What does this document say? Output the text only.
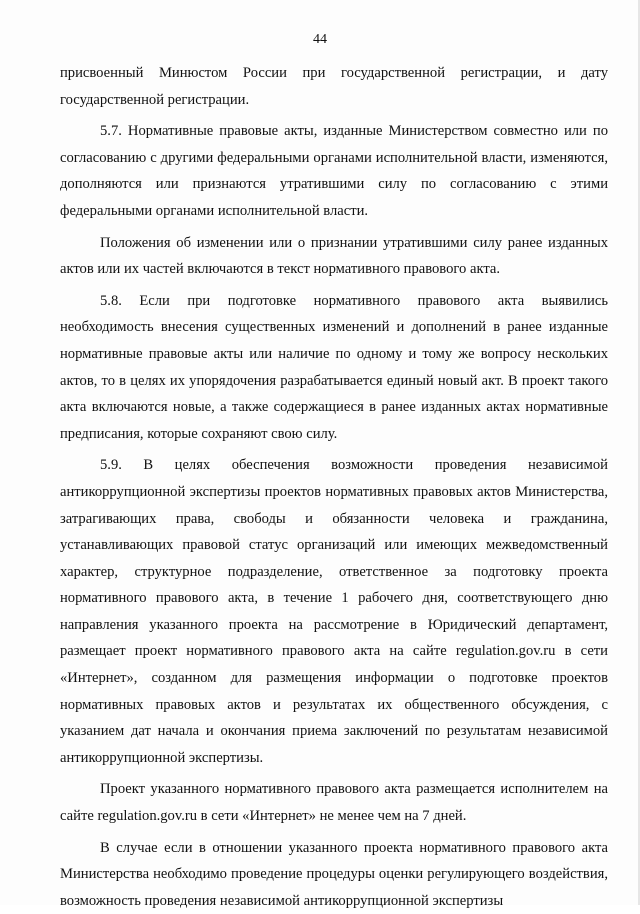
44

присвоенный Минюстом России при государственной регистрации, и дату государственной регистрации.

5.7. Нормативные правовые акты, изданные Министерством совместно или по согласованию с другими федеральными органами исполнительной власти, изменяются, дополняются или признаются утратившими силу по согласованию с этими федеральными органами исполнительной власти.

Положения об изменении или о признании утратившими силу ранее изданных актов или их частей включаются в текст нормативного правового акта.

5.8. Если при подготовке нормативного правового акта выявились необходимость внесения существенных изменений и дополнений в ранее изданные нормативные правовые акты или наличие по одному и тому же вопросу нескольких актов, то в целях их упорядочения разрабатывается единый новый акт. В проект такого акта включаются новые, а также содержащиеся в ранее изданных актах нормативные предписания, которые сохраняют свою силу.

5.9. В целях обеспечения возможности проведения независимой антикоррупционной экспертизы проектов нормативных правовых актов Министерства, затрагивающих права, свободы и обязанности человека и гражданина, устанавливающих правовой статус организаций или имеющих межведомственный характер, структурное подразделение, ответственное за подготовку проекта нормативного правового акта, в течение 1 рабочего дня, соответствующего дню направления указанного проекта на рассмотрение в Юридический департамент, размещает проект нормативного правового акта на сайте regulation.gov.ru в сети «Интернет», созданном для размещения информации о подготовке проектов нормативных правовых актов и результатах их общественного обсуждения, с указанием дат начала и окончания приема заключений по результатам независимой антикоррупционной экспертизы.

Проект указанного нормативного правового акта размещается исполнителем на сайте regulation.gov.ru в сети «Интернет» не менее чем на 7 дней.

В случае если в отношении указанного проекта нормативного правового акта Министерства необходимо проведение процедуры оценки регулирующего воздействия, возможность проведения независимой антикоррупционной экспертизы
